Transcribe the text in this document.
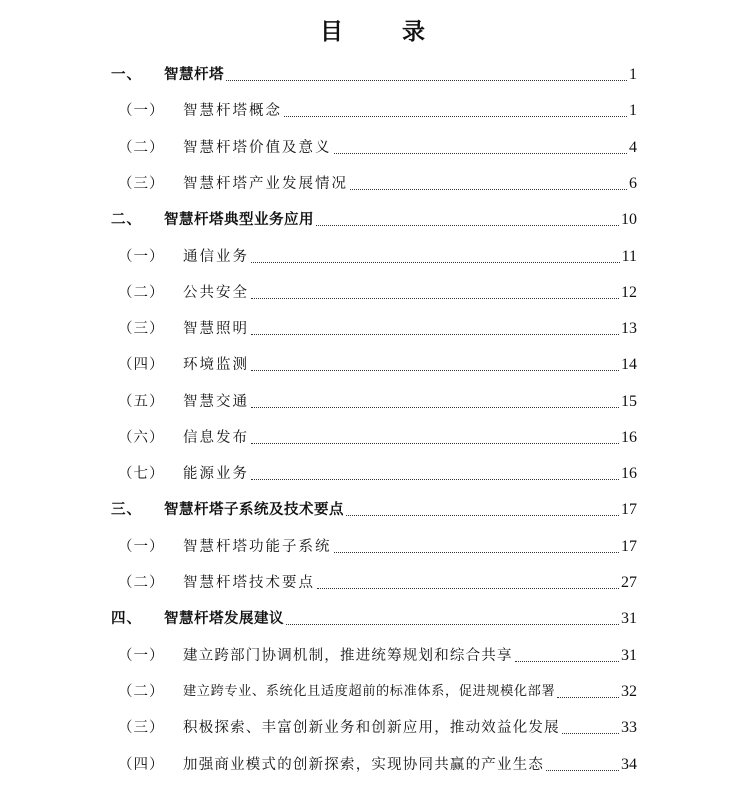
目　录
一、	智慧杆塔	1
（一）	智慧杆塔概念	1
（二）	智慧杆塔价值及意义	4
（三）	智慧杆塔产业发展情况	6
二、	智慧杆塔典型业务应用	10
（一）	通信业务	11
（二）	公共安全	12
（三）	智慧照明	13
（四）	环境监测	14
（五）	智慧交通	15
（六）	信息发布	16
（七）	能源业务	16
三、	智慧杆塔子系统及技术要点	17
（一）	智慧杆塔功能子系统	17
（二）	智慧杆塔技术要点	27
四、	智慧杆塔发展建议	31
（一）	建立跨部门协调机制，推进统筹规划和综合共享	31
（二）	建立跨专业、系统化且适度超前的标准体系，促进规模化部署	32
（三）	积极探索、丰富创新业务和创新应用，推动效益化发展	33
（四）	加强商业模式的创新探索，实现协同共赢的产业生态	34
